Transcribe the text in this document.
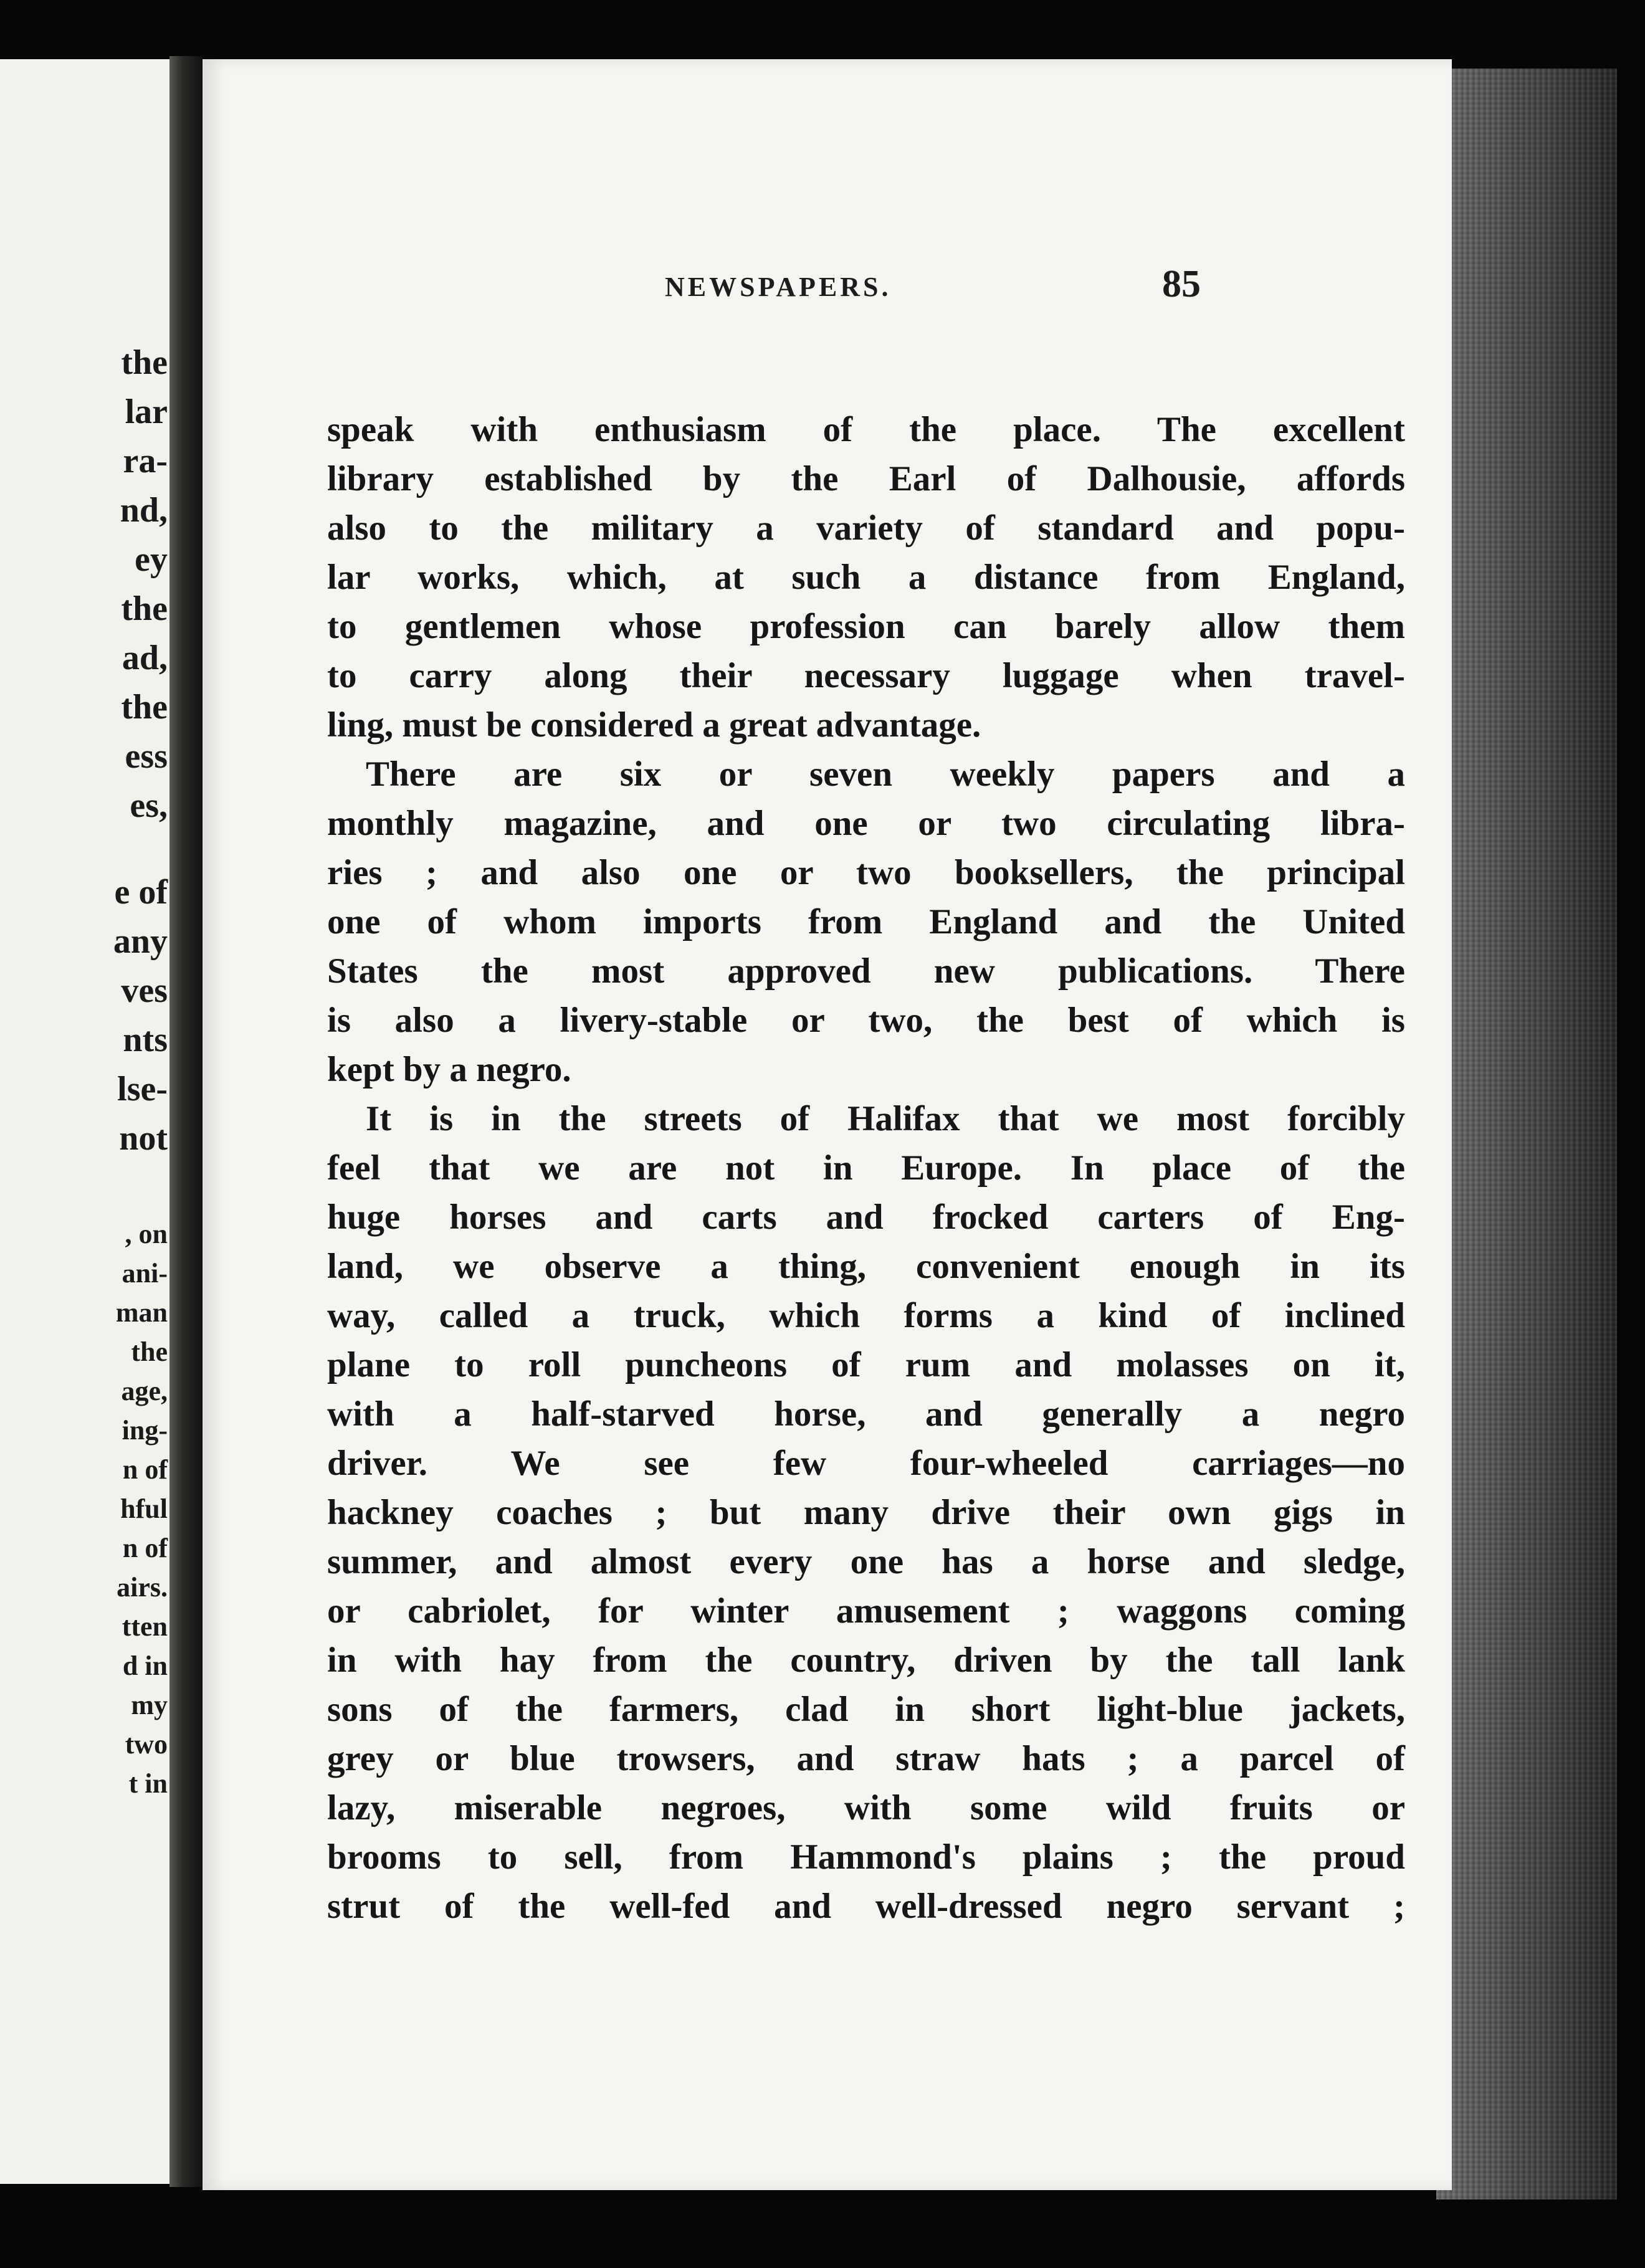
the
lar
ra-
nd,
ey
the
ad,
the
ess
es,
e of
any
ves
nts
lse-
not
, on
ani-
man
the
age,
ing-
n of
hful
n of
airs.
tten
d in
my
two
t in
NEWSPAPERS.	85
speak with enthusiasm of the place. The excellent
library established by the Earl of Dalhousie, affords
also to the military a variety of standard and popu-
lar works, which, at such a distance from England,
to gentlemen whose profession can barely allow them
to carry along their necessary luggage when travel-
ling, must be considered a great advantage.
There are six or seven weekly papers and a
monthly magazine, and one or two circulating libra-
ries ; and also one or two booksellers, the principal
one of whom imports from England and the United
States the most approved new publications. There
is also a livery-stable or two, the best of which is
kept by a negro.
It is in the streets of Halifax that we most forcibly
feel that we are not in Europe. In place of the
huge horses and carts and frocked carters of Eng-
land, we observe a thing, convenient enough in its
way, called a truck, which forms a kind of inclined
plane to roll puncheons of rum and molasses on it,
with a half-starved horse, and generally a negro
driver. We see few four-wheeled carriages—no
hackney coaches ; but many drive their own gigs in
summer, and almost every one has a horse and sledge,
or cabriolet, for winter amusement ; waggons coming
in with hay from the country, driven by the tall lank
sons of the farmers, clad in short light-blue jackets,
grey or blue trowsers, and straw hats ; a parcel of
lazy, miserable negroes, with some wild fruits or
brooms to sell, from Hammond's plains ; the proud
strut of the well-fed and well-dressed negro servant ;
